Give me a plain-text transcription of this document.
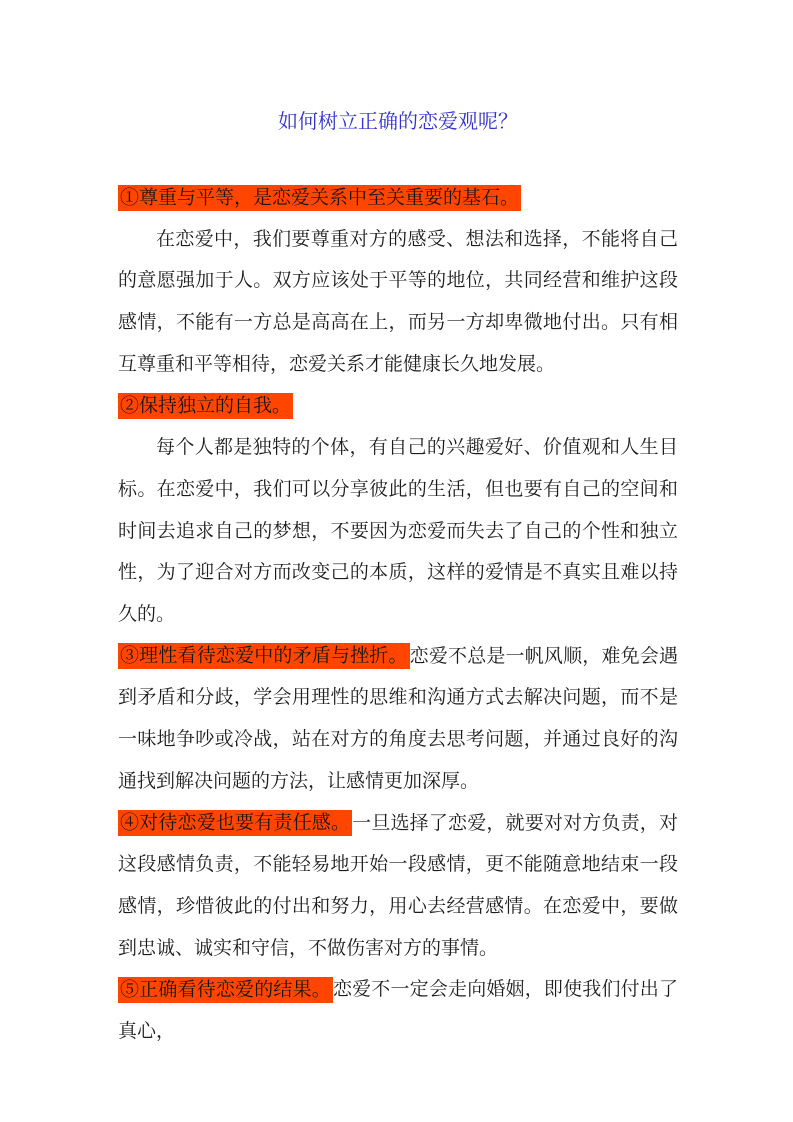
如何树立正确的恋爱观呢？

①尊重与平等，是恋爱关系中至关重要的基石。

在恋爱中，我们要尊重对方的感受、想法和选择，不能将自己的意愿强加于人。双方应该处于平等的地位，共同经营和维护这段感情，不能有一方总是高高在上，而另一方却卑微地付出。只有相互尊重和平等相待，恋爱关系才能健康长久地发展。

②保持独立的自我。

每个人都是独特的个体，有自己的兴趣爱好、价值观和人生目标。在恋爱中，我们可以分享彼此的生活，但也要有自己的空间和时间去追求自己的梦想，不要因为恋爱而失去了自己的个性和独立性，为了迎合对方而改变己的本质，这样的爱情是不真实且难以持久的。

③理性看待恋爱中的矛盾与挫折。 恋爱不总是一帆风顺，难免会遇到矛盾和分歧，学会用理性的思维和沟通方式去解决问题，而不是一味地争吵或冷战，站在对方的角度去思考问题，并通过良好的沟通找到解决问题的方法，让感情更加深厚。

④对待恋爱也要有责任感。 一旦选择了恋爱，就要对对方负责，对这段感情负责，不能轻易地开始一段感情，更不能随意地结束一段感情，珍惜彼此的付出和努力，用心去经营感情。在恋爱中，要做到忠诚、诚实和守信，不做伤害对方的事情。

⑤正确看待恋爱的结果。 恋爱不一定会走向婚姻，即使我们付出了真心，
